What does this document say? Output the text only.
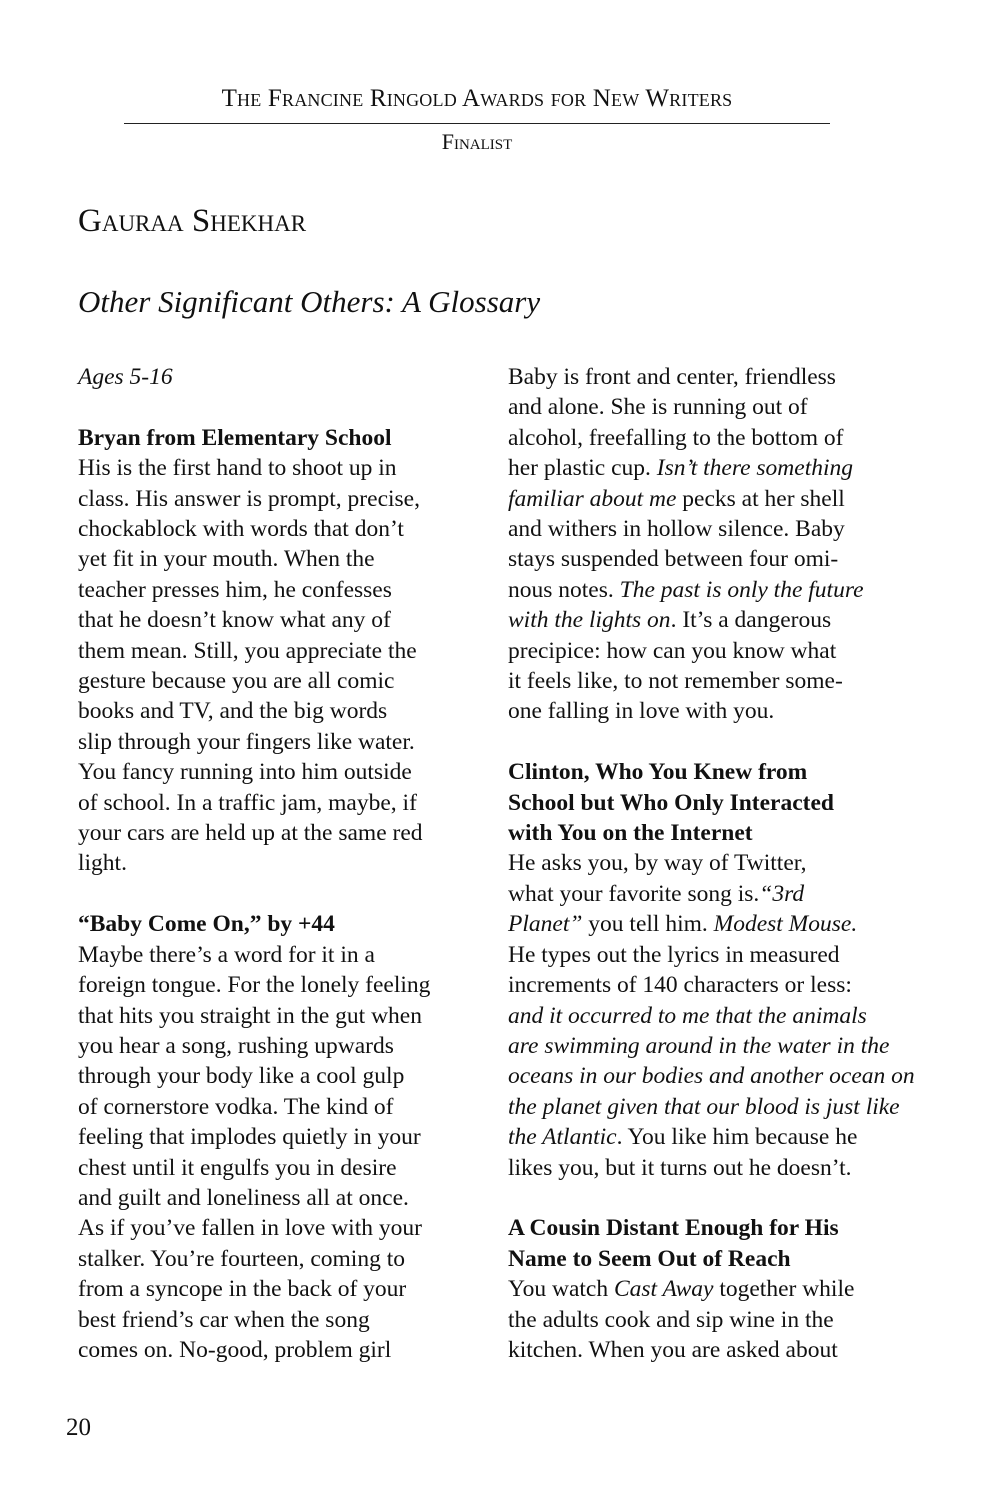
The Francine Ringold Awards for New Writers
Finalist
Gauraa Shekhar
Other Significant Others: A Glossary

Ages 5-16

Bryan from Elementary School
His is the first hand to shoot up in
class. His answer is prompt, precise,
chockablock with words that don’t
yet fit in your mouth. When the
teacher presses him, he confesses
that he doesn’t know what any of
them mean. Still, you appreciate the
gesture because you are all comic
books and TV, and the big words
slip through your fingers like water.
You fancy running into him outside
of school. In a traffic jam, maybe, if
your cars are held up at the same red
light.

“Baby Come On,” by +44
Maybe there’s a word for it in a
foreign tongue. For the lonely feeling
that hits you straight in the gut when
you hear a song, rushing upwards
through your body like a cool gulp
of cornerstore vodka. The kind of
feeling that implodes quietly in your
chest until it engulfs you in desire
and guilt and loneliness all at once.
As if you’ve fallen in love with your
stalker. You’re fourteen, coming to
from a syncope in the back of your
best friend’s car when the song
comes on. No-good, problem girl

Baby is front and center, friendless
and alone. She is running out of
alcohol, freefalling to the bottom of
her plastic cup. Isn’t there something
familiar about me pecks at her shell
and withers in hollow silence. Baby
stays suspended between four omi-
nous notes. The past is only the future
with the lights on. It’s a dangerous
precipice: how can you know what
it feels like, to not remember some-
one falling in love with you.

Clinton, Who You Knew from
School but Who Only Interacted
with You on the Internet
He asks you, by way of Twitter,
what your favorite song is.“3rd
Planet” you tell him. Modest Mouse.
He types out the lyrics in measured
increments of 140 characters or less:
and it occurred to me that the animals
are swimming around in the water in the
oceans in our bodies and another ocean on
the planet given that our blood is just like
the Atlantic. You like him because he
likes you, but it turns out he doesn’t.

A Cousin Distant Enough for His
Name to Seem Out of Reach
You watch Cast Away together while
the adults cook and sip wine in the
kitchen. When you are asked about

20
